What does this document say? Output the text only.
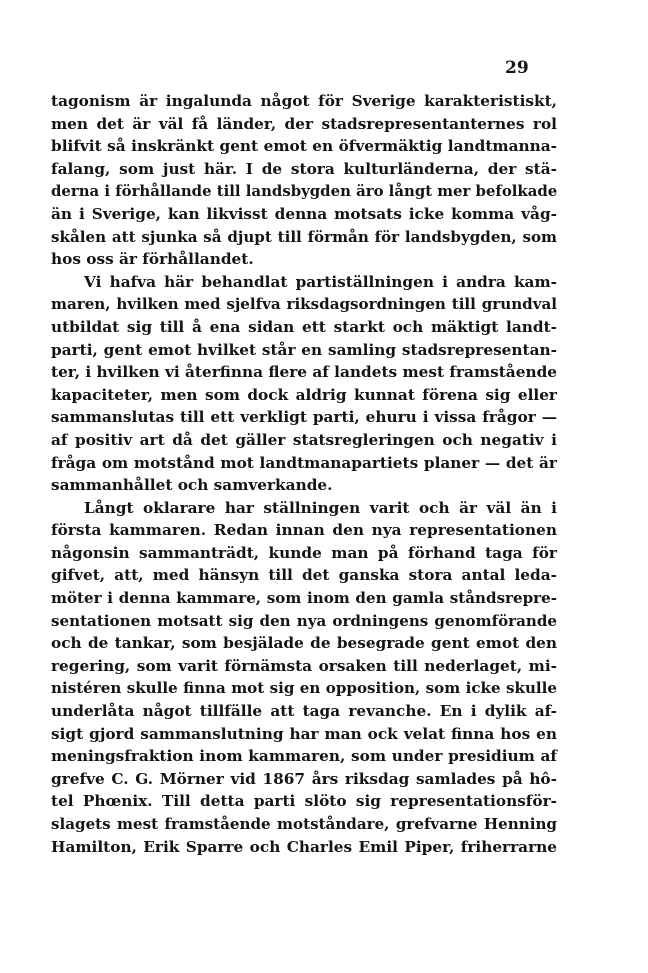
29
tagonism är ingalunda något för Sverige karakteristiskt,
men det är väl få länder, der stadsrepresentanternes rol
blifvit så inskränkt gent emot en öfvermäktig landtmanna-
falang, som just här. I de stora kulturländerna, der stä-
derna i förhållande till landsbygden äro långt mer befolkade
än i Sverige, kan likvisst denna motsats icke komma våg-
skålen att sjunka så djupt till förmån för landsbygden, som
hos oss är förhållandet.
Vi hafva här behandlat partiställningen i andra kam-
maren, hvilken med sjelfva riksdagsordningen till grundval
utbildat sig till å ena sidan ett starkt och mäktigt landt-
parti, gent emot hvilket står en samling stadsrepresentan-
ter, i hvilken vi återfinna flere af landets mest framstående
kapaciteter, men som dock aldrig kunnat förena sig eller
sammanslutas till ett verkligt parti, ehuru i vissa frågor —
af positiv art då det gäller statsregleringen och negativ i
fråga om motstånd mot landtmanapartiets planer — det är
sammanhållet och samverkande.
Långt oklarare har ställningen varit och är väl än i
första kammaren. Redan innan den nya representationen
någonsin sammanträdt, kunde man på förhand taga för
gifvet, att, med hänsyn till det ganska stora antal leda-
möter i denna kammare, som inom den gamla ståndsrepre-
sentationen motsatt sig den nya ordningens genomförande
och de tankar, som besjälade de besegrade gent emot den
regering, som varit förnämsta orsaken till nederlaget, mi-
nistéren skulle finna mot sig en opposition, som icke skulle
underlåta något tillfälle att taga revanche. En i dylik af-
sigt gjord sammanslutning har man ock velat finna hos en
meningsfraktion inom kammaren, som under presidium af
grefve C. G. Mörner vid 1867 års riksdag samlades på hô-
tel Phœnix. Till detta parti slöto sig representationsför-
slagets mest framstående motståndare, grefvarne Henning
Hamilton, Erik Sparre och Charles Emil Piper, friherrarne
